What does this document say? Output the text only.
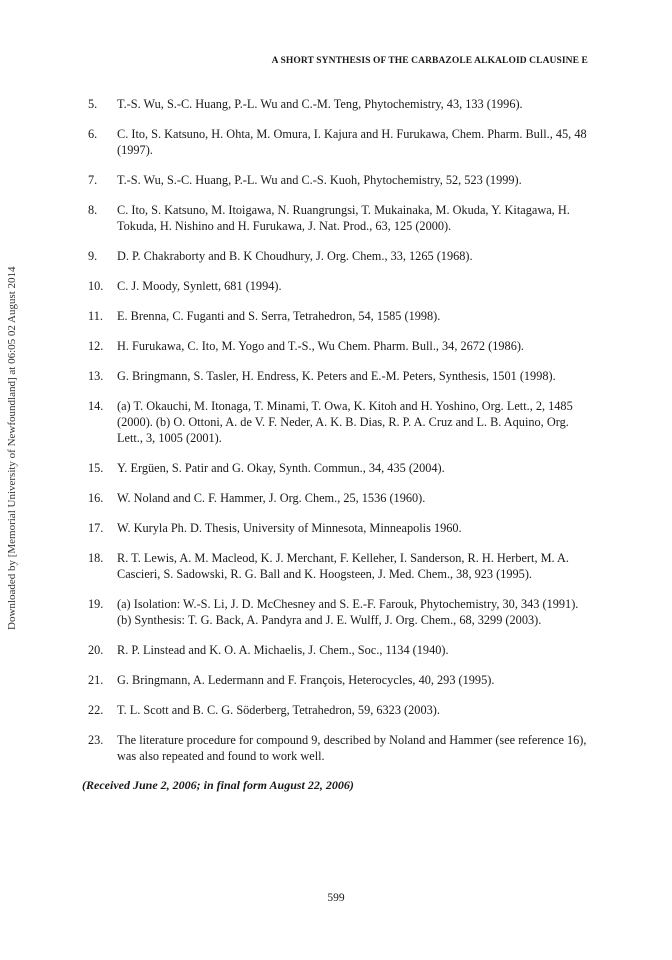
A SHORT SYNTHESIS OF THE CARBAZOLE ALKALOID CLAUSINE E
Downloaded by [Memorial University of Newfoundland] at 06:05 02 August 2014
5. T.-S. Wu, S.-C. Huang, P.-L. Wu and C.-M. Teng, Phytochemistry, 43, 133 (1996).
6. C. Ito, S. Katsuno, H. Ohta, M. Omura, I. Kajura and H. Furukawa, Chem. Pharm. Bull., 45, 48 (1997).
7. T.-S. Wu, S.-C. Huang, P.-L. Wu and C.-S. Kuoh, Phytochemistry, 52, 523 (1999).
8. C. Ito, S. Katsuno, M. Itoigawa, N. Ruangrungsi, T. Mukainaka, M. Okuda, Y. Kitagawa, H. Tokuda, H. Nishino and H. Furukawa, J. Nat. Prod., 63, 125 (2000).
9. D. P. Chakraborty and B. K Choudhury, J. Org. Chem., 33, 1265 (1968).
10. C. J. Moody, Synlett, 681 (1994).
11. E. Brenna, C. Fuganti and S. Serra, Tetrahedron, 54, 1585 (1998).
12. H. Furukawa, C. Ito, M. Yogo and T.-S., Wu Chem. Pharm. Bull., 34, 2672 (1986).
13. G. Bringmann, S. Tasler, H. Endress, K. Peters and E.-M. Peters, Synthesis, 1501 (1998).
14. (a) T. Okauchi, M. Itonaga, T. Minami, T. Owa, K. Kitoh and H. Yoshino, Org. Lett., 2, 1485 (2000). (b) O. Ottoni, A. de V. F. Neder, A. K. B. Dias, R. P. A. Cruz and L. B. Aquino, Org. Lett., 3, 1005 (2001).
15. Y. Ergüen, S. Patir and G. Okay, Synth. Commun., 34, 435 (2004).
16. W. Noland and C. F. Hammer, J. Org. Chem., 25, 1536 (1960).
17. W. Kuryla Ph. D. Thesis, University of Minnesota, Minneapolis 1960.
18. R. T. Lewis, A. M. Macleod, K. J. Merchant, F. Kelleher, I. Sanderson, R. H. Herbert, M. A. Cascieri, S. Sadowski, R. G. Ball and K. Hoogsteen, J. Med. Chem., 38, 923 (1995).
19. (a) Isolation: W.-S. Li, J. D. McChesney and S. E.-F. Farouk, Phytochemistry, 30, 343 (1991). (b) Synthesis: T. G. Back, A. Pandyra and J. E. Wulff, J. Org. Chem., 68, 3299 (2003).
20. R. P. Linstead and K. O. A. Michaelis, J. Chem., Soc., 1134 (1940).
21. G. Bringmann, A. Ledermann and F. François, Heterocycles, 40, 293 (1995).
22. T. L. Scott and B. C. G. Söderberg, Tetrahedron, 59, 6323 (2003).
23. The literature procedure for compound 9, described by Noland and Hammer (see reference 16), was also repeated and found to work well.
(Received June 2, 2006; in final form August 22, 2006)
599
